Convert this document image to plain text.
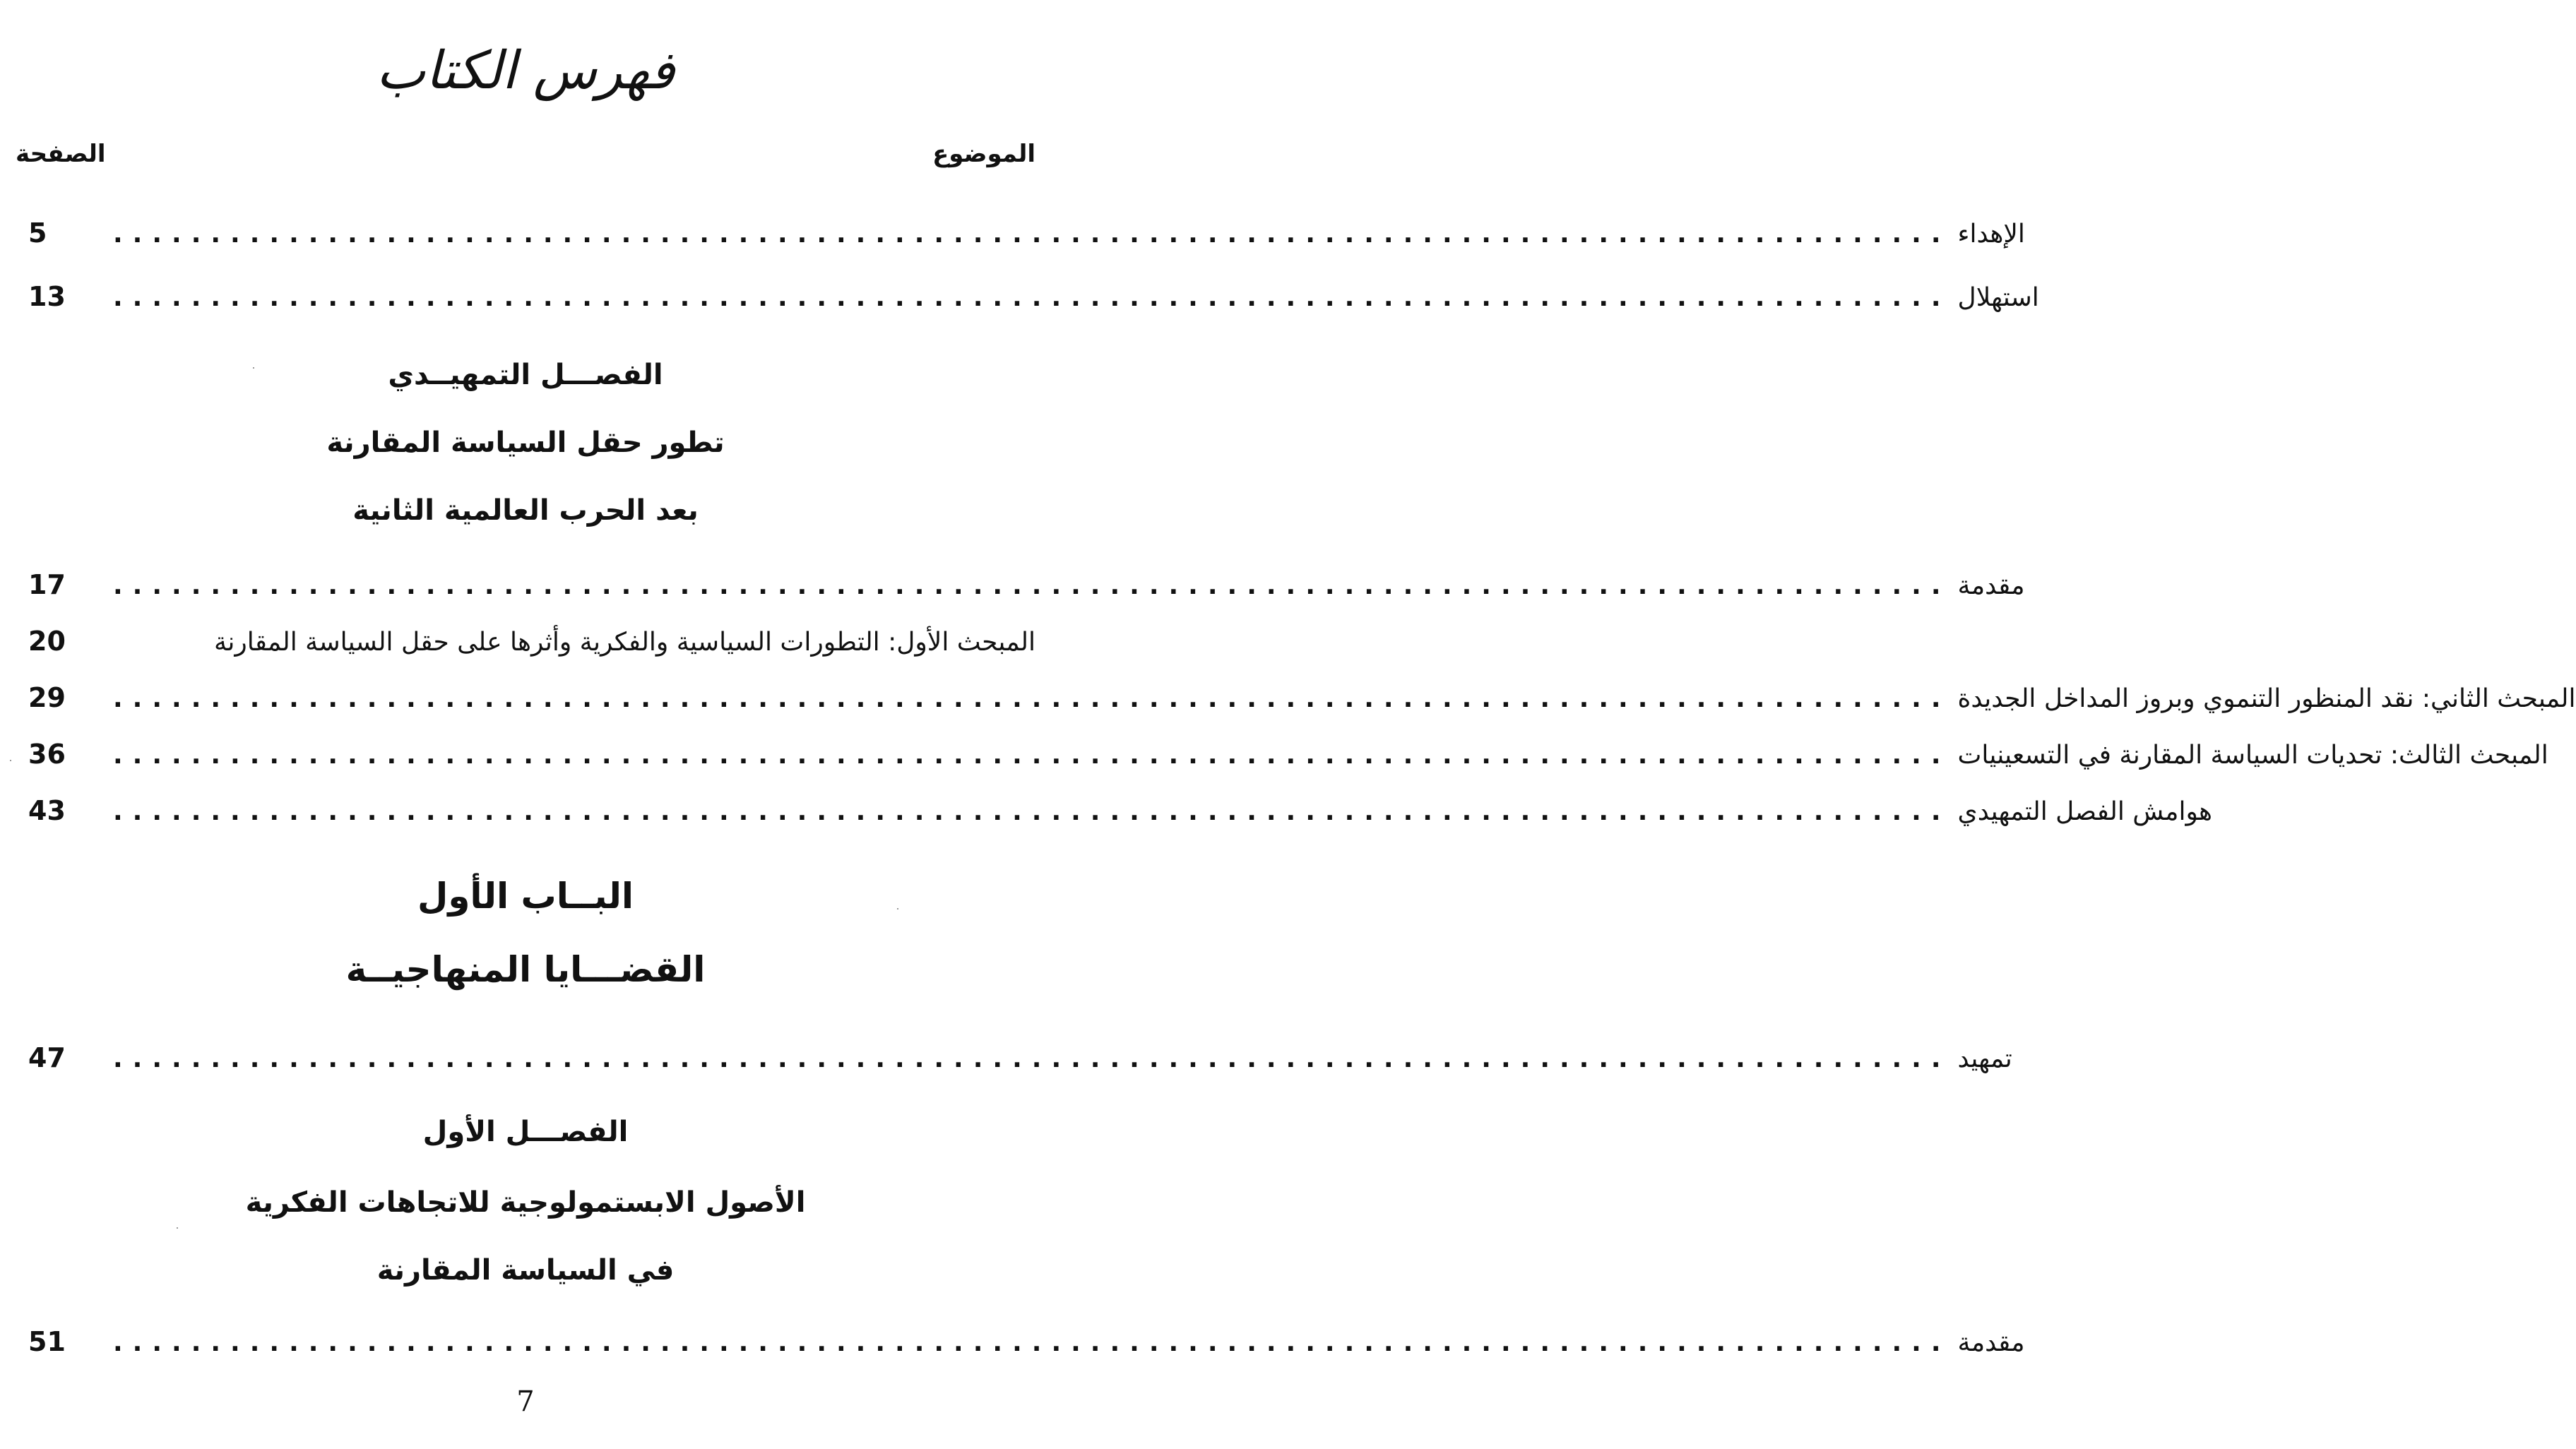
فهرس الكتاب
الموضوع
الصفحة
5	.............................................................................................. الإهداء
13	.............................................................................................. استهلال
الفصـــل التمهيــدي
تطور حقل السياسة المقارنة
بعد الحرب العالمية الثانية
17	.............................................................................................. مقدمة
20	المبحث الأول: التطورات السياسية والفكرية وأثرها على حقل السياسة المقارنة
29	.............................................................................................. المبحث الثاني: نقد المنظور التنموي وبروز المداخل الجديدة
36	.............................................................................................. المبحث الثالث: تحديات السياسة المقارنة في التسعينيات
43	.............................................................................................. هوامش الفصل التمهيدي
البــاب الأول
القضـــايا المنهاجيــة
47	.............................................................................................. تمهيد
الفصـــل الأول
الأصول الابستمولوجية للاتجاهات الفكرية
في السياسة المقارنة
51	.............................................................................................. مقدمة
7
